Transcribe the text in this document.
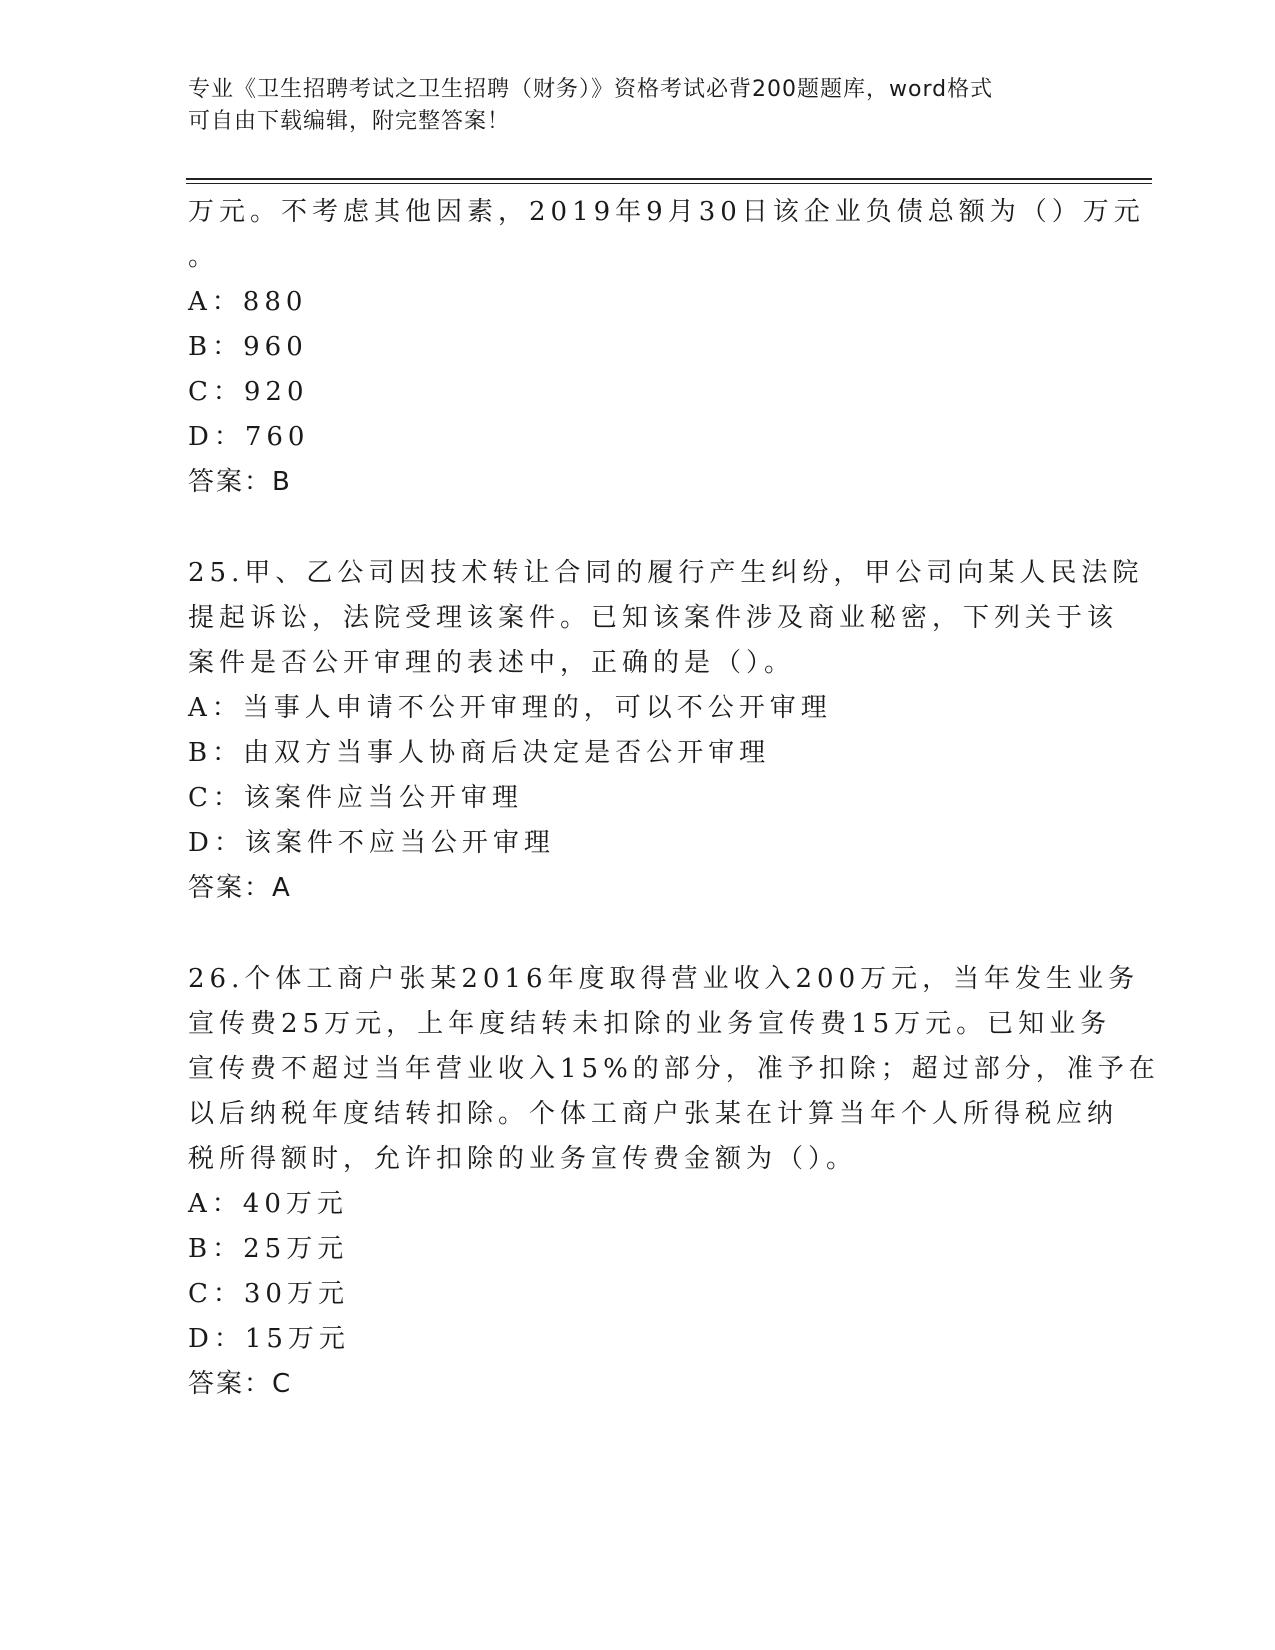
专业《卫生招聘考试之卫生招聘（财务）》资格考试必背200题题库，word格式
可自由下载编辑，附完整答案！
万元。不考虑其他因素，2019年9月30日该企业负债总额为（）万元
。
A：880
B：960
C：920
D：760
答案：B
25.甲、乙公司因技术转让合同的履行产生纠纷，甲公司向某人民法院
提起诉讼，法院受理该案件。已知该案件涉及商业秘密，下列关于该
案件是否公开审理的表述中，正确的是（）。
A：当事人申请不公开审理的，可以不公开审理
B：由双方当事人协商后决定是否公开审理
C：该案件应当公开审理
D：该案件不应当公开审理
答案：A
26.个体工商户张某2016年度取得营业收入200万元，当年发生业务
宣传费25万元，上年度结转未扣除的业务宣传费15万元。已知业务
宣传费不超过当年营业收入15%的部分，准予扣除；超过部分，准予在
以后纳税年度结转扣除。个体工商户张某在计算当年个人所得税应纳
税所得额时，允许扣除的业务宣传费金额为（）。
A：40万元
B：25万元
C：30万元
D：15万元
答案：C
